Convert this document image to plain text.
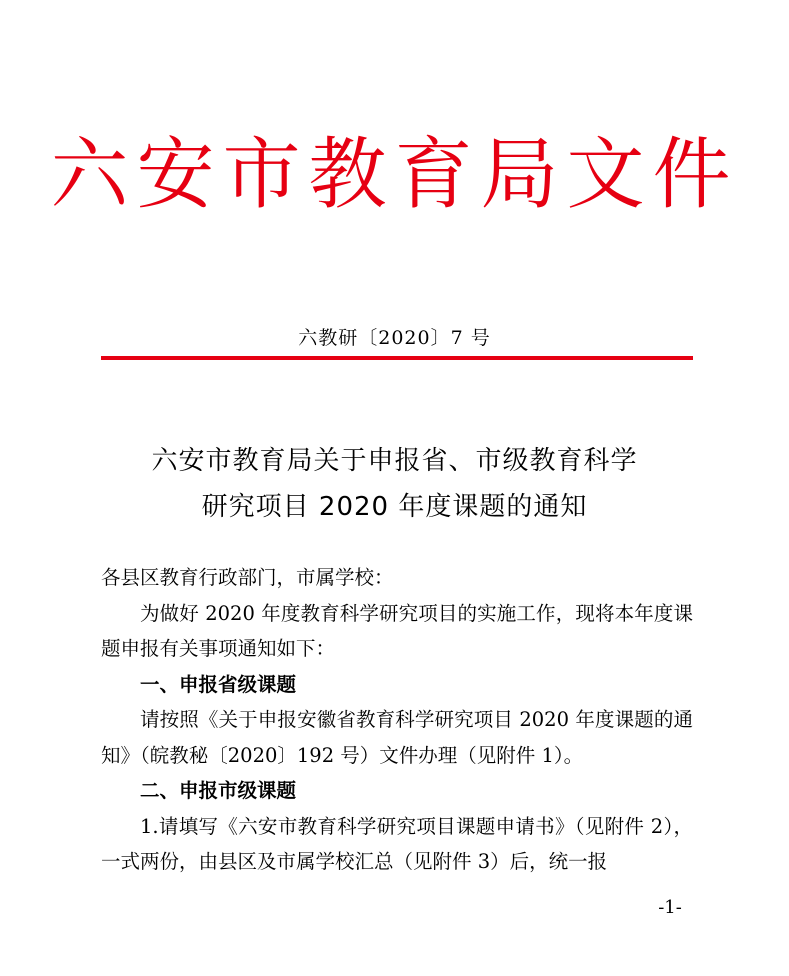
六安市教育局文件
六教研〔2020〕7 号
六安市教育局关于申报省、市级教育科学
研究项目 2020 年度课题的通知

各县区教育行政部门，市属学校：

为做好 2020 年度教育科学研究项目的实施工作，现将本年度课题申报有关事项通知如下：

一、申报省级课题

请按照《关于申报安徽省教育科学研究项目 2020 年度课题的通知》（皖教秘〔2020〕192 号）文件办理（见附件 1）。

二、申报市级课题

1.请填写《六安市教育科学研究项目课题申请书》（见附件 2），一式两份，由县区及市属学校汇总（见附件 3）后，统一报

-1-
